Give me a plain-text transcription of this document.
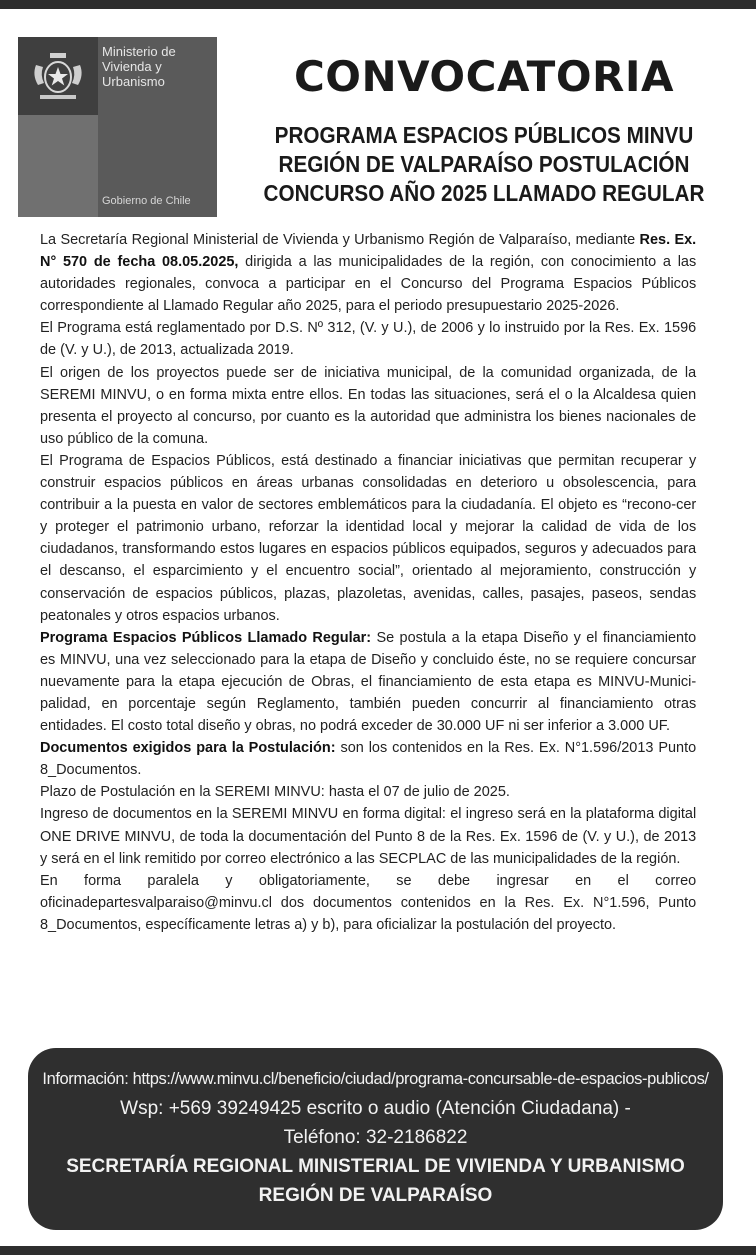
Ministerio de
Vivienda y
Urbanismo
Gobierno de Chile
CONVOCATORIA
PROGRAMA ESPACIOS PÚBLICOS MINVU
REGIÓN DE VALPARAÍSO POSTULACIÓN
CONCURSO AÑO 2025 LLAMADO REGULAR

La Secretaría Regional Ministerial de Vivienda y Urbanismo Región de Valparaíso, mediante Res. Ex. N° 570 de fecha 08.05.2025, dirigida a las municipalidades de la región, con conocimiento a las autoridades regionales, convoca a participar en el Concurso del Programa Espacios Públicos correspondiente al Llamado Regular año 2025, para el periodo presupuestario 2025-2026.

El Programa está reglamentado por D.S. Nº 312, (V. y U.), de 2006 y lo instruido por la Res. Ex. 1596 de (V. y U.), de 2013, actualizada 2019.

El origen de los proyectos puede ser de iniciativa municipal, de la comunidad organizada, de la SEREMI MINVU, o en forma mixta entre ellos. En todas las situaciones, será el o la Alcaldesa quien presenta el proyecto al concurso, por cuanto es la autoridad que administra los bienes nacionales de uso público de la comuna.

El Programa de Espacios Públicos, está destinado a financiar iniciativas que permitan recuperar y construir espacios públicos en áreas urbanas consolidadas en deterioro u obsolescencia, para contribuir a la puesta en valor de sectores emblemáticos para la ciudadanía. El objeto es “recono-cer y proteger el patrimonio urbano, reforzar la identidad local y mejorar la calidad de vida de los ciudadanos, transformando estos lugares en espacios públicos equipados, seguros y adecuados para el descanso, el esparcimiento y el encuentro social”, orientado al mejoramiento, construcción y conservación de espacios públicos, plazas, plazoletas, avenidas, calles, pasajes, paseos, sendas peatonales y otros espacios urbanos.

Programa Espacios Públicos Llamado Regular: Se postula a la etapa Diseño y el financiamiento es MINVU, una vez seleccionado para la etapa de Diseño y concluido éste, no se requiere concursar nuevamente para la etapa ejecución de Obras, el financiamiento de esta etapa es MINVU-Munici-palidad, en porcentaje según Reglamento, también pueden concurrir al financiamiento otras entidades. El costo total diseño y obras, no podrá exceder de 30.000 UF ni ser inferior a 3.000 UF.

Documentos exigidos para la Postulación: son los contenidos en la Res. Ex. N°1.596/2013 Punto 8_Documentos.

Plazo de Postulación en la SEREMI MINVU: hasta el 07 de julio de 2025.

Ingreso de documentos en la SEREMI MINVU en forma digital: el ingreso será en la plataforma digital ONE DRIVE MINVU, de toda la documentación del Punto 8 de la Res. Ex. 1596 de (V. y U.), de 2013 y será en el link remitido por correo electrónico a las SECPLAC de las municipalidades de la región.

En forma paralela y obligatoriamente, se debe ingresar en el correo oficinadepartesvalparaiso@minvu.cl dos documentos contenidos en la Res. Ex. N°1.596, Punto 8_Documentos, específicamente letras a) y b), para oficializar la postulación del proyecto.

Información: https://www.minvu.cl/beneficio/ciudad/programa-concursable-de-espacios-publicos/
Wsp: +569 39249425 escrito o audio (Atención Ciudadana) -
Teléfono: 32-2186822
SECRETARÍA REGIONAL MINISTERIAL DE VIVIENDA Y URBANISMO
REGIÓN DE VALPARAÍSO
